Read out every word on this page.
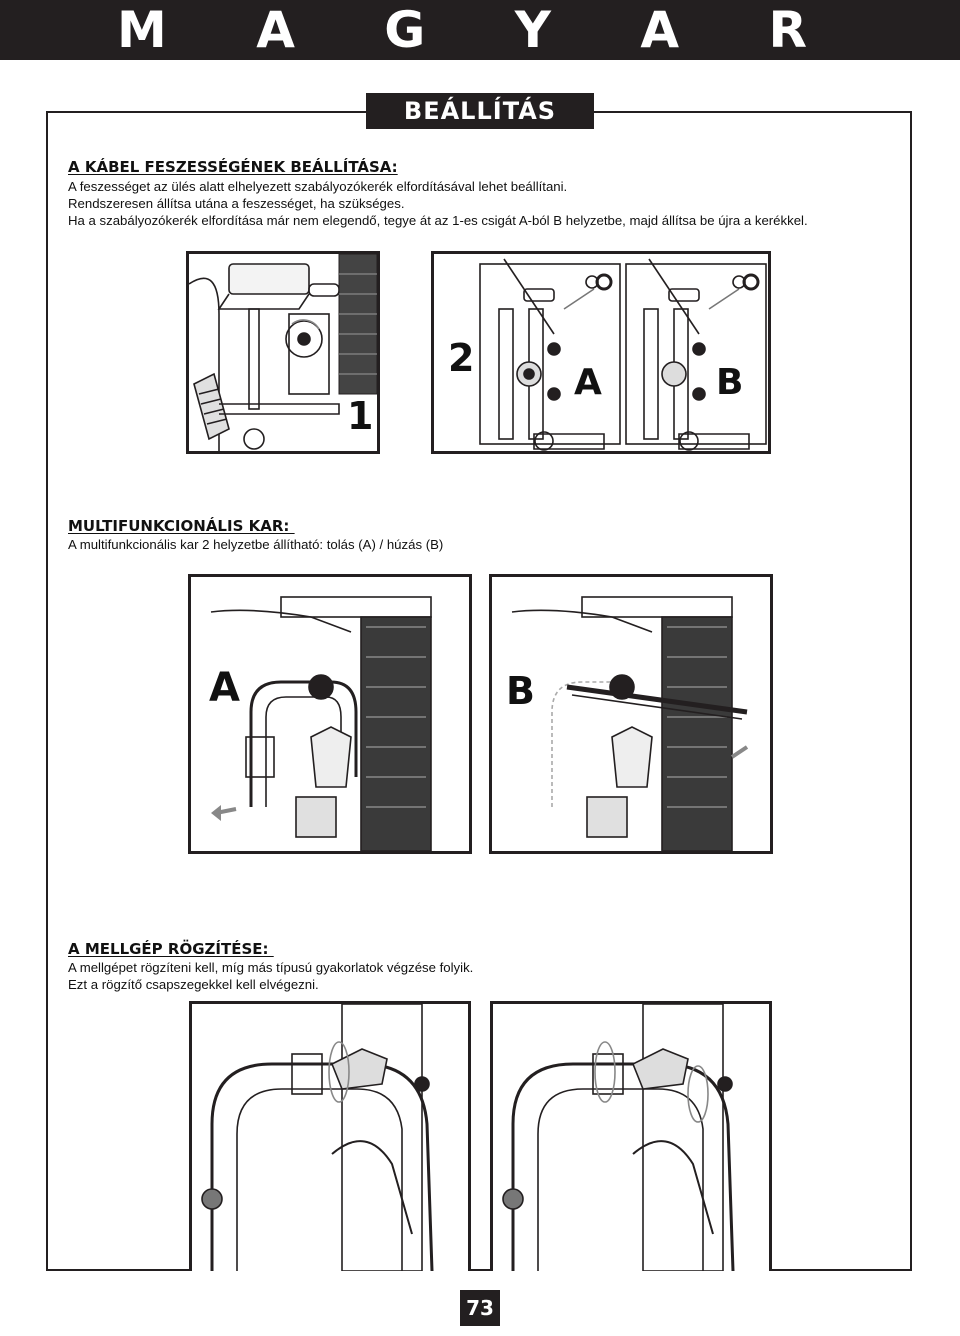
M A G Y A R
BEÁLLÍTÁS
A KÁBEL FESZESSÉGÉNEK BEÁLLÍTÁSA:
A feszességet az ülés alatt elhelyezett szabályozókerék elfordításával lehet beállítani.
Rendszeresen állítsa utána a feszességet, ha szükséges.
Ha a szabályozókerék elfordítása már nem elegendő, tegye át az 1-es csigát A-ból B helyzetbe, majd állítsa be újra a kerékkel.
1
2
A	B
MULTIFUNKCIONÁLIS KAR:
A multifunkcionális kar 2 helyzetbe állítható: tolás (A) / húzás (B)
A	B
A MELLGÉP RÖGZÍTÉSE:
A mellgépet rögzíteni kell, míg más típusú gyakorlatok végzése folyik.
Ezt a rögzítő csapszegekkel kell elvégezni.
73
